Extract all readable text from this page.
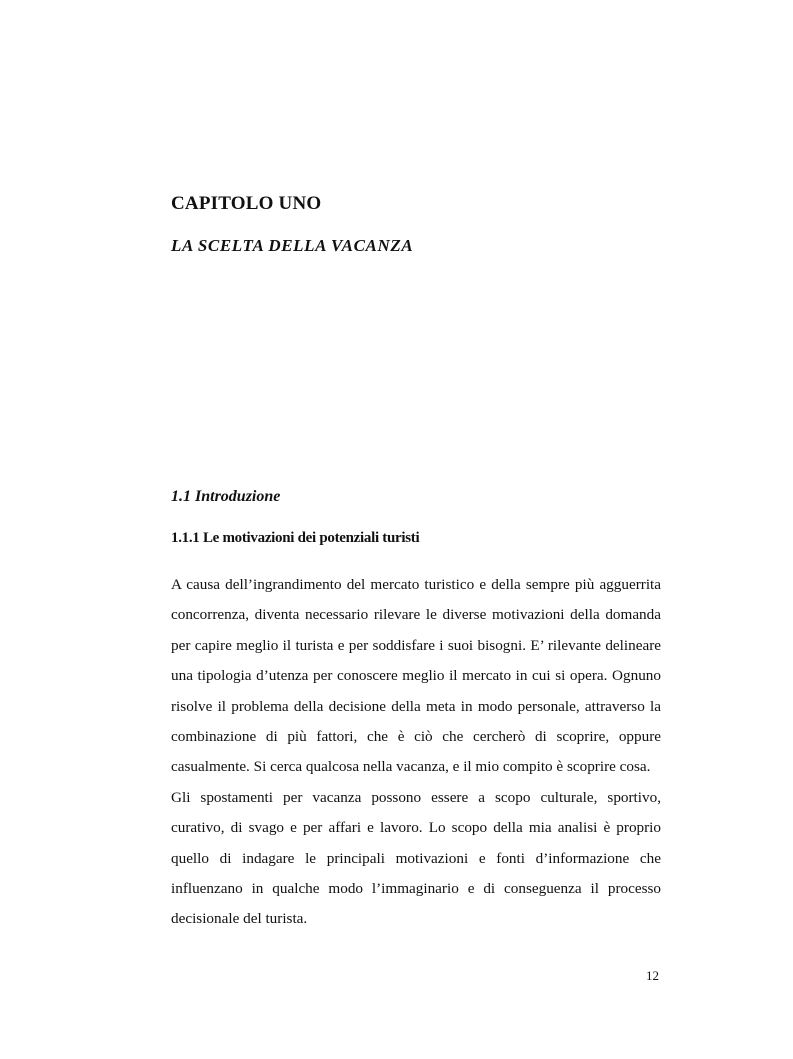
CAPITOLO UNO
LA SCELTA DELLA VACANZA
1.1 Introduzione
1.1.1 Le motivazioni dei potenziali turisti

A causa dell’ingrandimento del mercato turistico e della sempre più agguerrita concorrenza, diventa necessario rilevare le diverse motivazioni della domanda per capire meglio il turista e per soddisfare i suoi bisogni. E’ rilevante delineare una tipologia d’utenza per conoscere meglio il mercato in cui si opera. Ognuno risolve il problema della decisione della meta in modo personale, attraverso la combinazione di più fattori, che è ciò che cercherò di scoprire, oppure casualmente. Si cerca qualcosa nella vacanza, e il mio compito è scoprire cosa.

Gli spostamenti per vacanza possono essere a scopo culturale, sportivo, curativo, di svago e per affari e lavoro. Lo scopo della mia analisi è proprio quello di indagare le principali motivazioni e fonti d’informazione che influenzano in qualche modo l’immaginario e di conseguenza il processo decisionale del turista.

12
